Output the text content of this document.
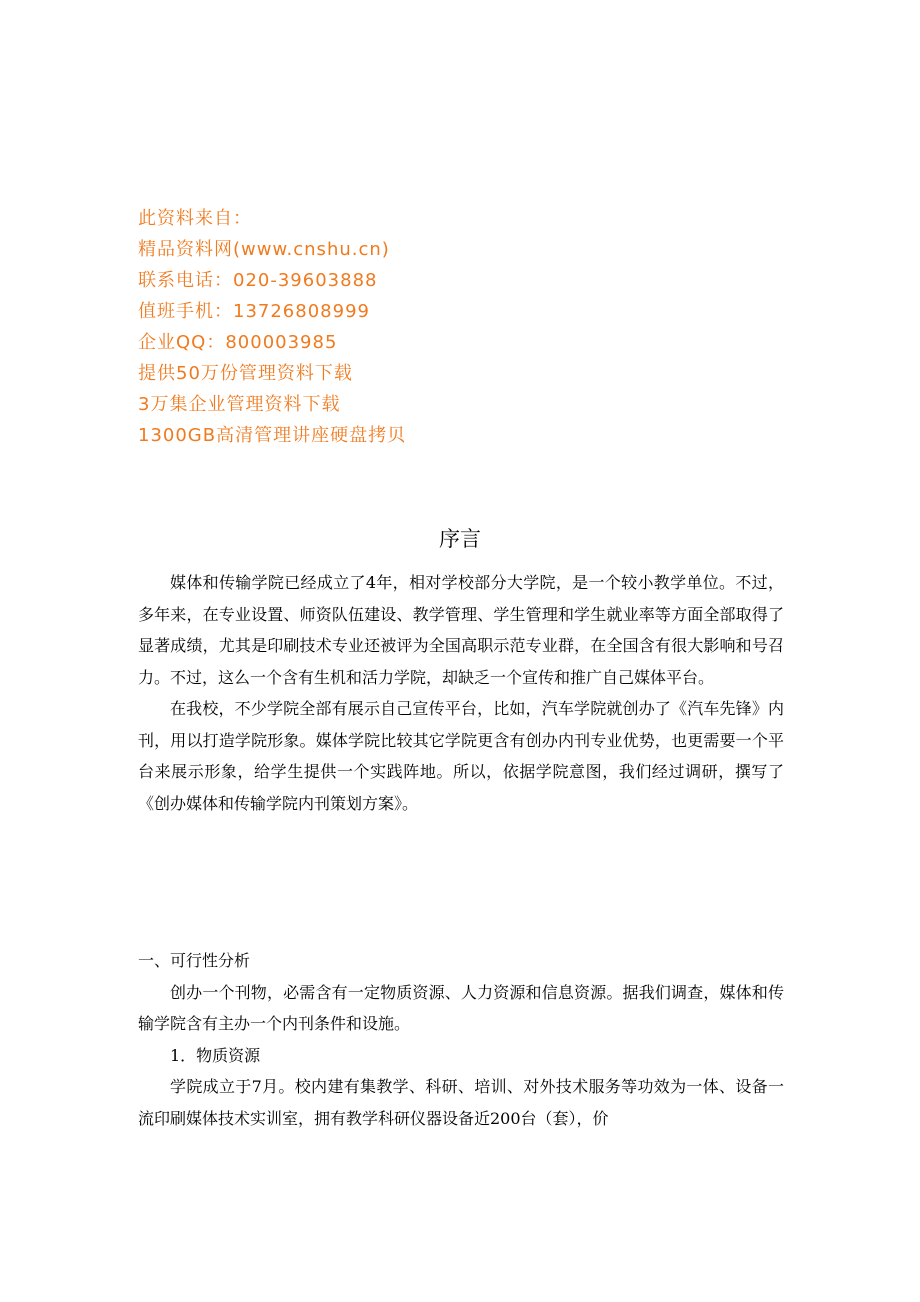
此资料来自：
精品资料网(www.cnshu.cn)
联系电话：020-39603888
值班手机：13726808999
企业QQ：800003985
提供50万份管理资料下载
3万集企业管理资料下载
1300GB高清管理讲座硬盘拷贝
序言

媒体和传输学院已经成立了4年，相对学校部分大学院，是一个较小教学单位。不过，多年来，在专业设置、师资队伍建设、教学管理、学生管理和学生就业率等方面全部取得了显著成绩，尤其是印刷技术专业还被评为全国高职示范专业群，在全国含有很大影响和号召力。不过，这么一个含有生机和活力学院，却缺乏一个宣传和推广自己媒体平台。

在我校，不少学院全部有展示自己宣传平台，比如，汽车学院就创办了《汽车先锋》内刊，用以打造学院形象。媒体学院比较其它学院更含有创办内刊专业优势，也更需要一个平台来展示形象，给学生提供一个实践阵地。所以，依据学院意图，我们经过调研，撰写了《创办媒体和传输学院内刊策划方案》。

一、可行性分析

创办一个刊物，必需含有一定物质资源、人力资源和信息资源。据我们调查，媒体和传输学院含有主办一个内刊条件和设施。

1．物质资源

学院成立于7月。校内建有集教学、科研、培训、对外技术服务等功效为一体、设备一流印刷媒体技术实训室，拥有教学科研仪器设备近200台（套），价
